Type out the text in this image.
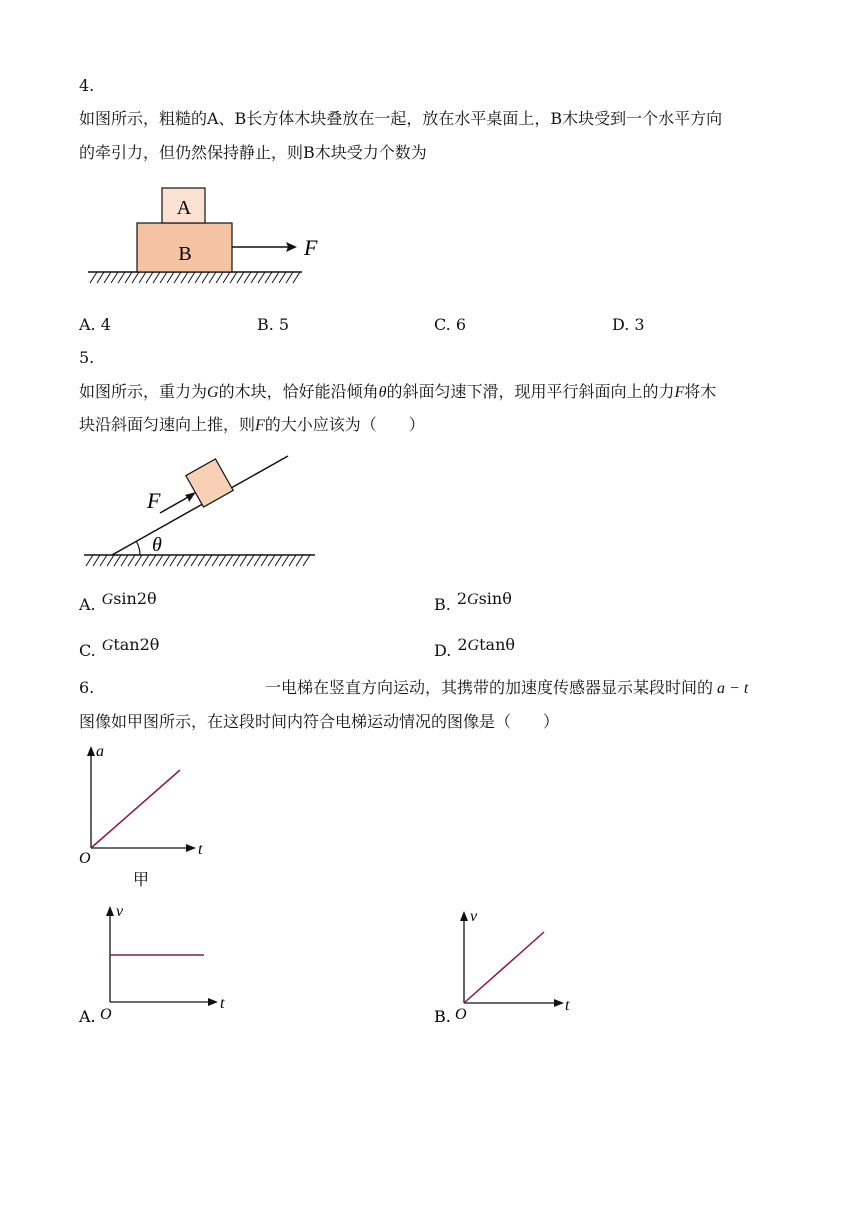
4.
如图所示，粗糙的A、B长方体木块叠放在一起，放在水平桌面上，B木块受到一个水平方向
的牵引力，但仍然保持静止，则B木块受力个数为
B
A
F
A. 4	B. 5	C. 6	D. 3
5.
如图所示，重力为G的木块，恰好能沿倾角θ的斜面匀速下滑，现用平行斜面向上的力F将木
块沿斜面匀速向上推，则F的大小应该为（　　）
θ
F
A. Gsin2θ	B. 2Gsinθ
C. Gtan2θ	D. 2Gtanθ
6.	一电梯在竖直方向运动，其携带的加速度传感器显示某段时间的 a − t
图像如甲图所示，在这段时间内符合电梯运动情况的图像是（　　）
a
t
O
甲
v
t
O
A.
v
t
O
B.
